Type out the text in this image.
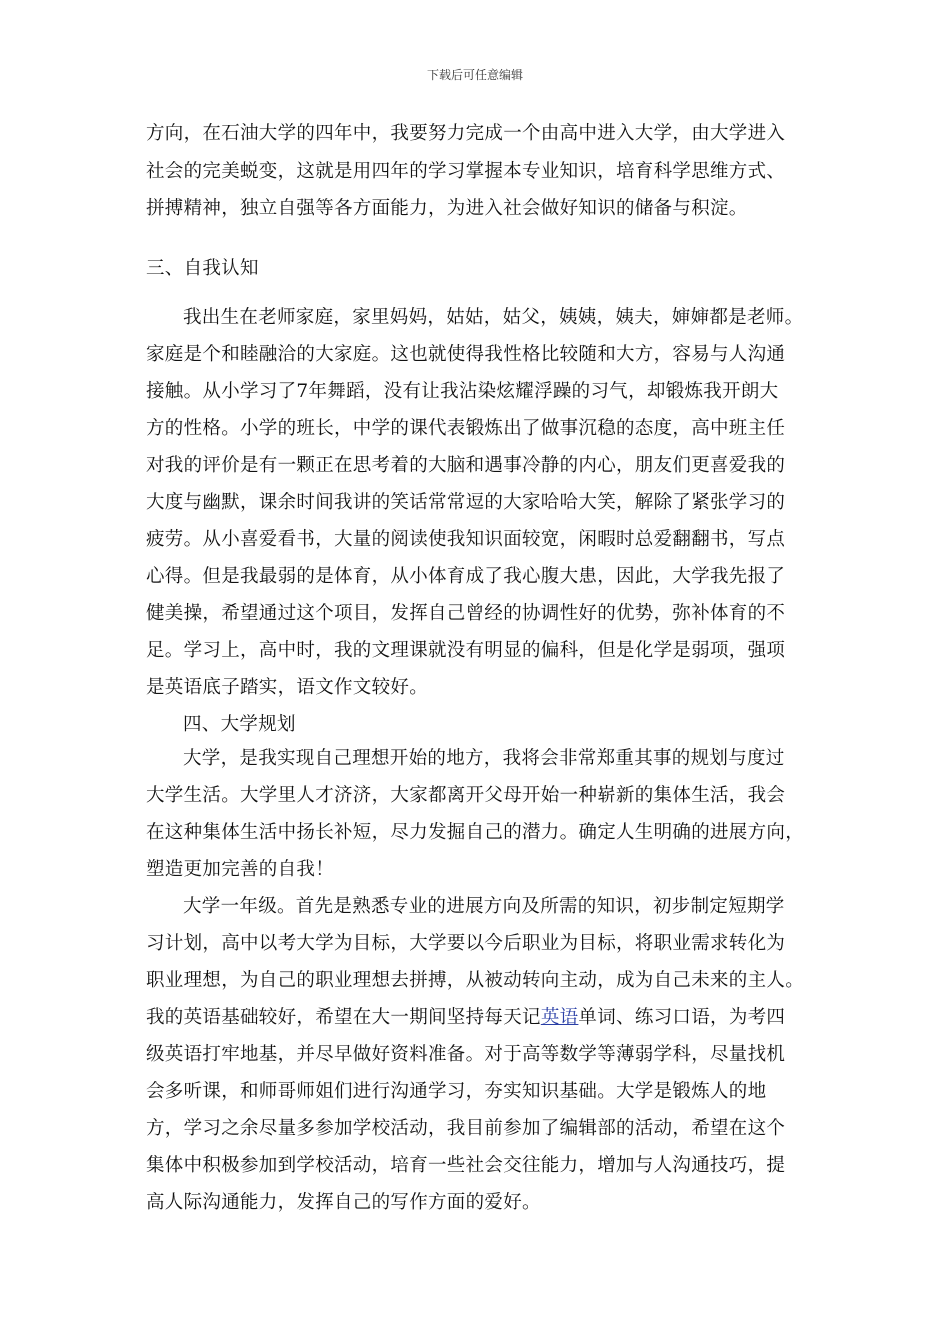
下载后可任意编辑
方向，在石油大学的四年中，我要努力完成一个由高中进入大学，由大学进入
社会的完美蜕变，这就是用四年的学习掌握本专业知识，培育科学思维方式、
拼搏精神，独立自强等各方面能力，为进入社会做好知识的储备与积淀。
三、自我认知
我出生在老师家庭，家里妈妈，姑姑，姑父，姨姨，姨夫，婶婶都是老师。
家庭是个和睦融洽的大家庭。这也就使得我性格比较随和大方，容易与人沟通
接触。从小学习了7年舞蹈，没有让我沾染炫耀浮躁的习气，却锻炼我开朗大
方的性格。小学的班长，中学的课代表锻炼出了做事沉稳的态度，高中班主任
对我的评价是有一颗正在思考着的大脑和遇事冷静的内心，朋友们更喜爱我的
大度与幽默，课余时间我讲的笑话常常逗的大家哈哈大笑，解除了紧张学习的
疲劳。从小喜爱看书，大量的阅读使我知识面较宽，闲暇时总爱翻翻书，写点
心得。但是我最弱的是体育，从小体育成了我心腹大患，因此，大学我先报了
健美操，希望通过这个项目，发挥自己曾经的协调性好的优势，弥补体育的不
足。学习上，高中时，我的文理课就没有明显的偏科，但是化学是弱项，强项
是英语底子踏实，语文作文较好。
四、大学规划
大学，是我实现自己理想开始的地方，我将会非常郑重其事的规划与度过
大学生活。大学里人才济济，大家都离开父母开始一种崭新的集体生活，我会
在这种集体生活中扬长补短，尽力发掘自己的潜力。确定人生明确的进展方向，
塑造更加完善的自我！
大学一年级。首先是熟悉专业的进展方向及所需的知识，初步制定短期学
习计划，高中以考大学为目标，大学要以今后职业为目标，将职业需求转化为
职业理想，为自己的职业理想去拼搏，从被动转向主动，成为自己未来的主人。
我的英语基础较好，希望在大一期间坚持每天记英语单词、练习口语，为考四
级英语打牢地基，并尽早做好资料准备。对于高等数学等薄弱学科，尽量找机
会多听课，和师哥师姐们进行沟通学习，夯实知识基础。大学是锻炼人的地
方，学习之余尽量多参加学校活动，我目前参加了编辑部的活动，希望在这个
集体中积极参加到学校活动，培育一些社会交往能力，增加与人沟通技巧，提
高人际沟通能力，发挥自己的写作方面的爱好。
